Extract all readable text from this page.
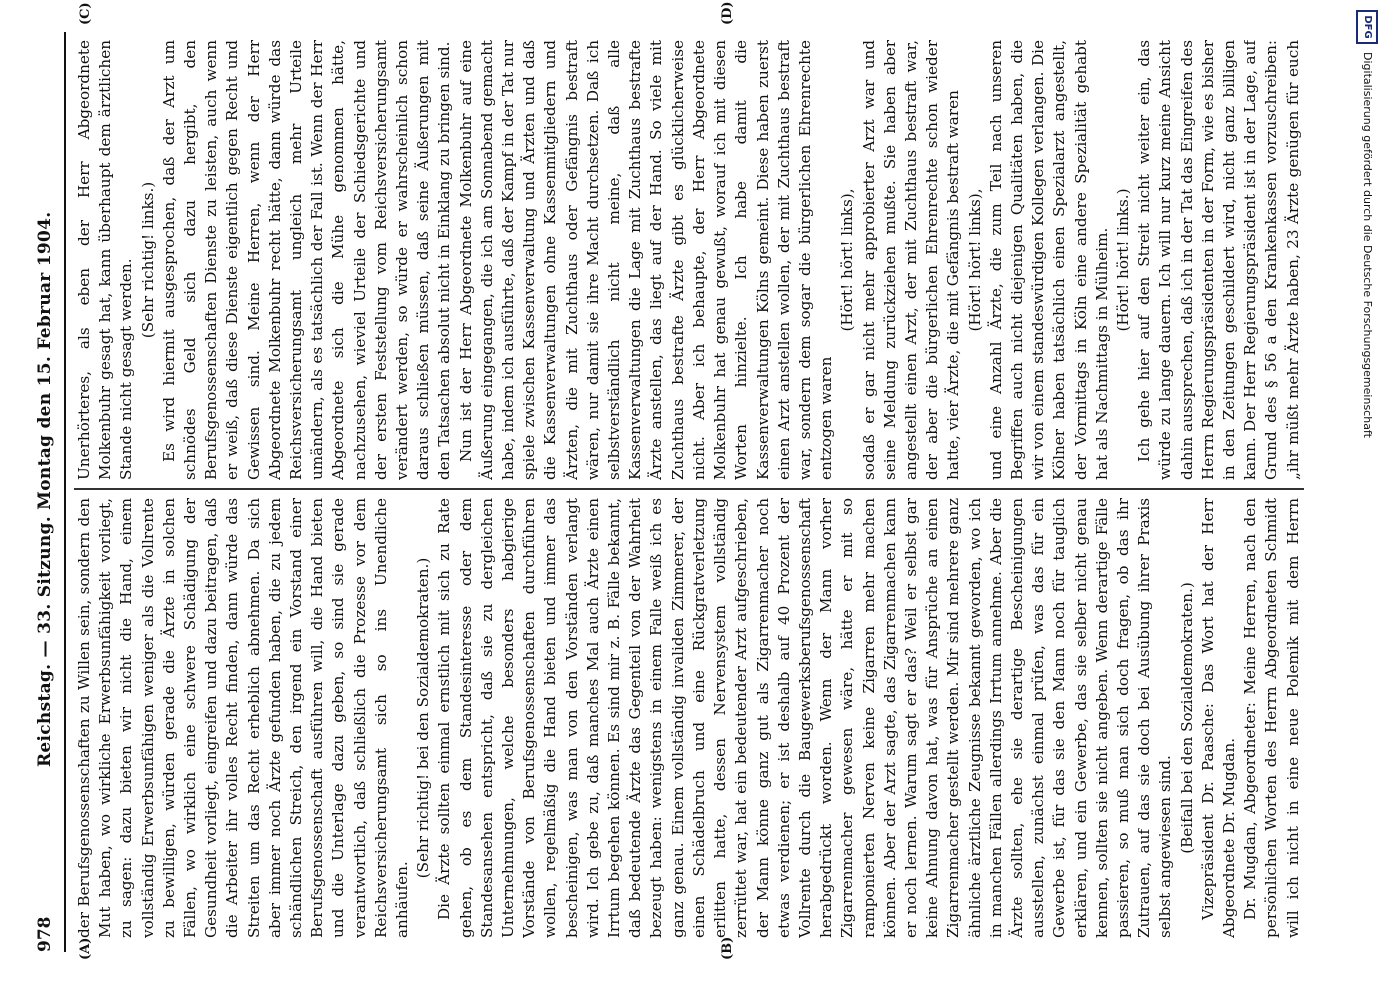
978
Reichstag. — 33. Sitzung. Montag den 15. Februar 1904.
(A)	(B)
(C)	(D)

der Berufsgenossenschaften zu Willen sein, sondern den Mut haben, wo wirkliche Erwerbsunfähigkeit vorliegt, zu sagen: dazu bieten wir nicht die Hand, einem vollständig Erwerbsunfähigen weniger als die Vollrente zu bewilligen, würden gerade die Ärzte in solchen Fällen, wo wirklich eine schwere Schädigung der Gesundheit vorliegt, eingreifen und dazu beitragen, daß die Arbeiter ihr volles Recht finden, dann würde das Streiten um das Recht erheblich abnehmen. Da sich aber immer noch Ärzte gefunden haben, die zu jedem schändlichen Streich, den irgend ein Vorstand einer Berufsgenossenschaft ausführen will, die Hand bieten und die Unterlage dazu geben, so sind sie gerade verantwortlich, daß schließlich die Prozesse vor dem Reichsversicherungsamt sich so ins Unendliche anhäufen.

(Sehr richtig! bei den Sozialdemokraten.) Die Ärzte sollten einmal ernstlich mit sich zu Rate gehen, ob es dem Standesinteresse oder dem Standesansehen entspricht, daß sie zu dergleichen Unternehmungen, welche besonders habgierige Vorstände von Berufsgenossenschaften durchführen wollen, regelmäßig die Hand bieten und immer das bescheinigen, was man von den Vorständen verlangt wird. Ich gebe zu, daß manches Mal auch Ärzte einen Irrtum begehen können. Es sind mir z. B. Fälle bekannt, daß bedeutende Ärzte das Gegenteil von der Wahrheit bezeugt haben: wenigstens in einem Falle weiß ich es ganz genau. Einem vollständig invaliden Zimmerer, der einen Schädelbruch und eine Rückgratverletzung erlitten hatte, dessen Nervensystem vollständig zerrüttet war, hat ein bedeutender Arzt aufgeschrieben, der Mann könne ganz gut als Zigarrenmacher noch etwas verdienen; er ist deshalb auf 40 Prozent der Vollrente durch die Baugewerksberufsgenossenschaft herabgedrückt worden. Wenn der Mann vorher Zigarrenmacher gewesen wäre, hätte er mit so ramponierten Nerven keine Zigarren mehr machen können. Aber der Arzt sagte, das Zigarrenmachen kann er noch lernen. Warum sagt er das? Weil er selbst gar keine Ahnung davon hat, was für Ansprüche an einen Zigarrenmacher gestellt werden. Mir sind mehrere ganz ähnliche ärztliche Zeugnisse bekannt geworden, wo ich in manchen Fällen allerdings Irrtum annehme. Aber die Ärzte sollten, ehe sie derartige Bescheinigungen ausstellen, zunächst einmal prüfen, was das für ein Gewerbe ist, für das sie den Mann noch für tauglich erklären, und ein Gewerbe, das sie selber nicht genau kennen, sollten sie nicht angeben. Wenn derartige Fälle passieren, so muß man sich doch fragen, ob das ihr Zutrauen, auf das sie doch bei Ausübung ihrer Praxis selbst angewiesen sind. (Beifall bei den Sozialdemokraten.) Vizepräsident Dr. Paasche: Das Wort hat der Herr Abgeordnete Dr. Mugdan. Dr. Mugdan, Abgeordneter: Meine Herren, nach den persönlichen Worten des Herrn Abgeordneten Schmidt will ich nicht in eine neue Polemik mit dem Herrn

Unerhörteres, als eben der Herr Abgeordnete Molkenbuhr gesagt hat, kann überhaupt dem ärztlichen Stande nicht gesagt werden. (Sehr richtig! links.) Es wird hiermit ausgesprochen, daß der Arzt um schnödes Geld sich dazu hergibt, den Berufsgenossenschaften Dienste zu leisten, auch wenn er weiß, daß diese Dienste eigentlich gegen Recht und Gewissen sind. Meine Herren, wenn der Herr Abgeordnete Molkenbuhr recht hätte, dann würde das Reichsversicherungsamt ungleich mehr Urteile umändern, als es tatsächlich der Fall ist. Wenn der Herr Abgeordnete sich die Mühe genommen hätte, nachzusehen, wieviel Urteile der Schiedsgerichte und der ersten Feststellung vom Reichsversicherungsamt verändert werden, so würde er wahrscheinlich schon daraus schließen müssen, daß seine Äußerungen mit den Tatsachen absolut nicht in Einklang zu bringen sind. Nun ist der Herr Abgeordnete Molkenbuhr auf eine Äußerung eingegangen, die ich am Sonnabend gemacht habe, indem ich ausführte, daß der Kampf in der Tat nur spiele zwischen Kassenverwaltung und Ärzten und daß die Kassenverwaltungen ohne Kassenmitgliedern und Ärzten, die mit Zuchthaus oder Gefängnis bestraft wären, nur damit sie ihre Macht durchsetzen. Daß ich selbstverständlich nicht meine, daß alle Kassenverwaltungen die Lage mit Zuchthaus bestrafte Ärzte anstellen, das liegt auf der Hand. So viele mit Zuchthaus bestrafte Ärzte gibt es glücklicherweise nicht. Aber ich behaupte, der Herr Abgeordnete Molkenbuhr hat genau gewußt, worauf ich mit diesen Worten hinzielte. Ich habe damit die Kassenverwaltungen Kölns gemeint. Diese haben zuerst einen Arzt anstellen wollen, der mit Zuchthaus bestraft war, sondern dem sogar die bürgerlichen Ehrenrechte entzogen waren

(Hört! hört! links), sodaß er gar nicht mehr approbierter Arzt war und seine Meldung zurückziehen mußte. Sie haben aber angestellt einen Arzt, der mit Zuchthaus bestraft war, der aber die bürgerlichen Ehrenrechte schon wieder hatte, vier Ärzte, die mit Gefängnis bestraft waren (Hört! hört! links), und eine Anzahl Ärzte, die zum Teil nach unseren Begriffen auch nicht diejenigen Qualitäten haben, die wir von einem standeswürdigen Kollegen verlangen. Die Kölner haben tatsächlich einen Spezialarzt angestellt, der Vormittags in Köln eine andere Spezialität gehabt hat als Nachmittags in Mülheim. (Hört! hört! links.)

Ich gehe hier auf den Streit nicht weiter ein, das würde zu lange dauern. Ich will nur kurz meine Ansicht dahin aussprechen, daß ich in der Tat das Eingreifen des Herrn Regierungspräsidenten in der Form, wie es bisher in den Zeitungen geschildert wird, nicht ganz billigen kann. Der Herr Regierungspräsident ist in der Lage, auf Grund des § 56 a den Krankenkassen vorzuschreiben: „ihr müßt mehr Ärzte haben, 23 Ärzte genügen für euch

DFG
Digitalisierung gefördert durch die Deutsche Forschungsgemeinschaft
